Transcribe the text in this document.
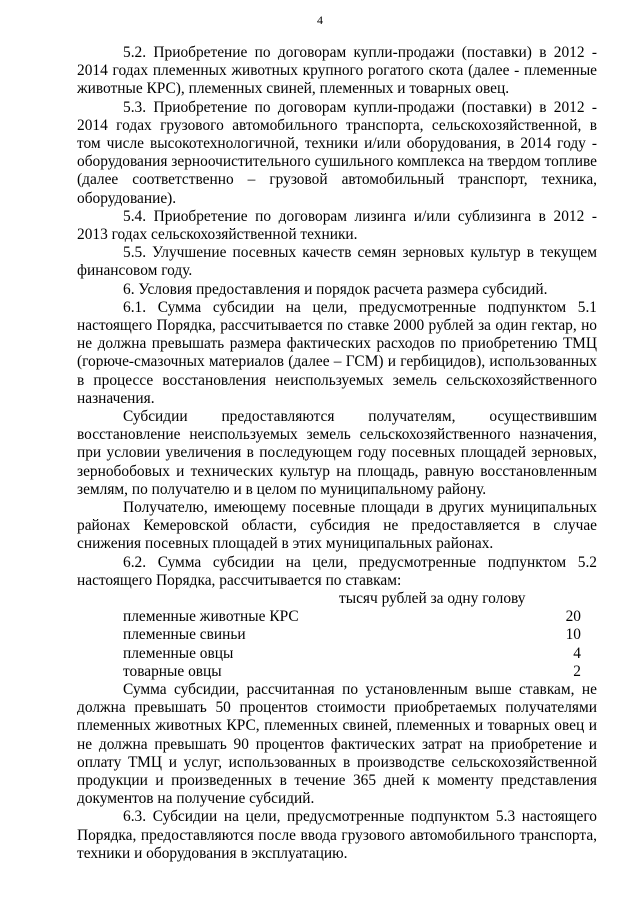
4

5.2. Приобретение по договорам купли-продажи (поставки) в 2012 - 2014 годах племенных животных крупного рогатого скота (далее - племенные животные КРС), племенных свиней, племенных и товарных овец.

5.3. Приобретение по договорам купли-продажи (поставки) в 2012 - 2014 годах грузового автомобильного транспорта, сельскохозяйственной, в том числе высокотехнологичной, техники и/или оборудования, в 2014 году - оборудования зерноочистительного сушильного комплекса на твердом топливе (далее соответственно – грузовой автомобильный транспорт, техника, оборудование).

5.4. Приобретение по договорам лизинга и/или сублизинга в 2012 - 2013 годах сельскохозяйственной техники.

5.5. Улучшение посевных качеств семян зерновых культур в текущем финансовом году.

6. Условия предоставления и порядок расчета размера субсидий.

6.1. Сумма субсидии на цели, предусмотренные подпунктом 5.1 настоящего Порядка, рассчитывается по ставке 2000 рублей за один гектар, но не должна превышать размера фактических расходов по приобретению ТМЦ (горюче-смазочных материалов (далее – ГСМ) и гербицидов), использованных в процессе восстановления неиспользуемых земель сельскохозяйственного назначения.

Субсидии предоставляются получателям, осуществившим восстановление неиспользуемых земель сельскохозяйственного назначения, при условии увеличения в последующем году посевных площадей зерновых, зернобобовых и технических культур на площадь, равную восстановленным землям, по получателю и в целом по муниципальному району.

Получателю, имеющему посевные площади в других муниципальных районах Кемеровской области, субсидия не предоставляется в случае снижения посевных площадей в этих муниципальных районах.

6.2. Сумма субсидии на цели, предусмотренные подпунктом 5.2 настоящего Порядка, рассчитывается по ставкам:

тысяч рублей за одну голову
племенные животные КРС	20
племенные свиньи	10
племенные овцы	4
товарные овцы	2

Сумма субсидии, рассчитанная по установленным выше ставкам, не должна превышать 50 процентов стоимости приобретаемых получателями племенных животных КРС, племенных свиней, племенных и товарных овец и не должна превышать 90 процентов фактических затрат на приобретение и оплату ТМЦ и услуг, использованных в производстве сельскохозяйственной продукции и произведенных в течение 365 дней к моменту представления документов на получение субсидий.

6.3. Субсидии на цели, предусмотренные подпунктом 5.3 настоящего Порядка, предоставляются после ввода грузового автомобильного транспорта, техники и оборудования в эксплуатацию.
